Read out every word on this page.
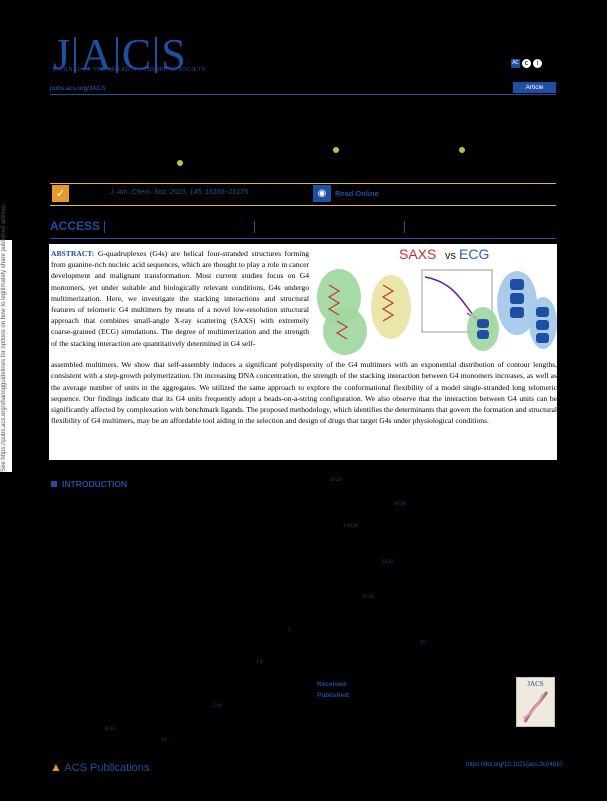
J A C S
JOURNAL OF THE AMERICAN CHEMICAL SOCIETY
AC c	i
pubs.acs.org/JACS	Article
✓	J. Am. Chem. Soc. 2023, 145, 16166−16175	◉	Read Online
ACCESS
See https://pubs.acs.org/sharingguidelines for options on how to legitimately share published articles.	ABSTRACT: G-quadruplexes (G4s) are helical four-stranded structures forming from guanine-rich nucleic acid sequences, which are thought to play a role in cancer development and malignant transformation. Most current studies focus on G4 monomers, yet under suitable and biologically relevant conditions, G4s undergo multimerization. Here, we investigate the stacking interactions and structural features of telomeric G4 multimers by means of a novel low-resolution structural approach that combines small-angle X-ray scattering (SAXS) with extremely coarse-grained (ECG) simulations. The degree of multimerization and the strength of the stacking interaction are quantitatively determined in G4 self-
SAXS vs ECG
assembled multimers. We show that self-assembly induces a significant polydispersity of the G4 multimers with an exponential distribution of contour lengths, consistent with a step-growth polymerization. On increasing DNA concentration, the strength of the stacking interaction between G4 monomers increases, as well as the average number of units in the aggregates. We utilized the same approach to explore the conformational flexibility of a model single-stranded long telomeric sequence. Our findings indicate that its G4 units frequently adopt a beads-on-a-string configuration. We also observe that the interaction between G4 units can be significantly affected by complexation with benchmark ligands. The proposed methodology, which identifies the determinants that govern the formation and structural flexibility of G4 multimers, may be an affordable tool aiding in the selection and design of drugs that target G4s under physiological conditions.
INTRODUCTION	19 23
16 18
1 19 20
21 22
23 24
3
25
1 4
5 10
11 13
14
Received:
Published:
JACS
▲ ACS Publications	https://doi.org/10.1021/jacs.3c04810
